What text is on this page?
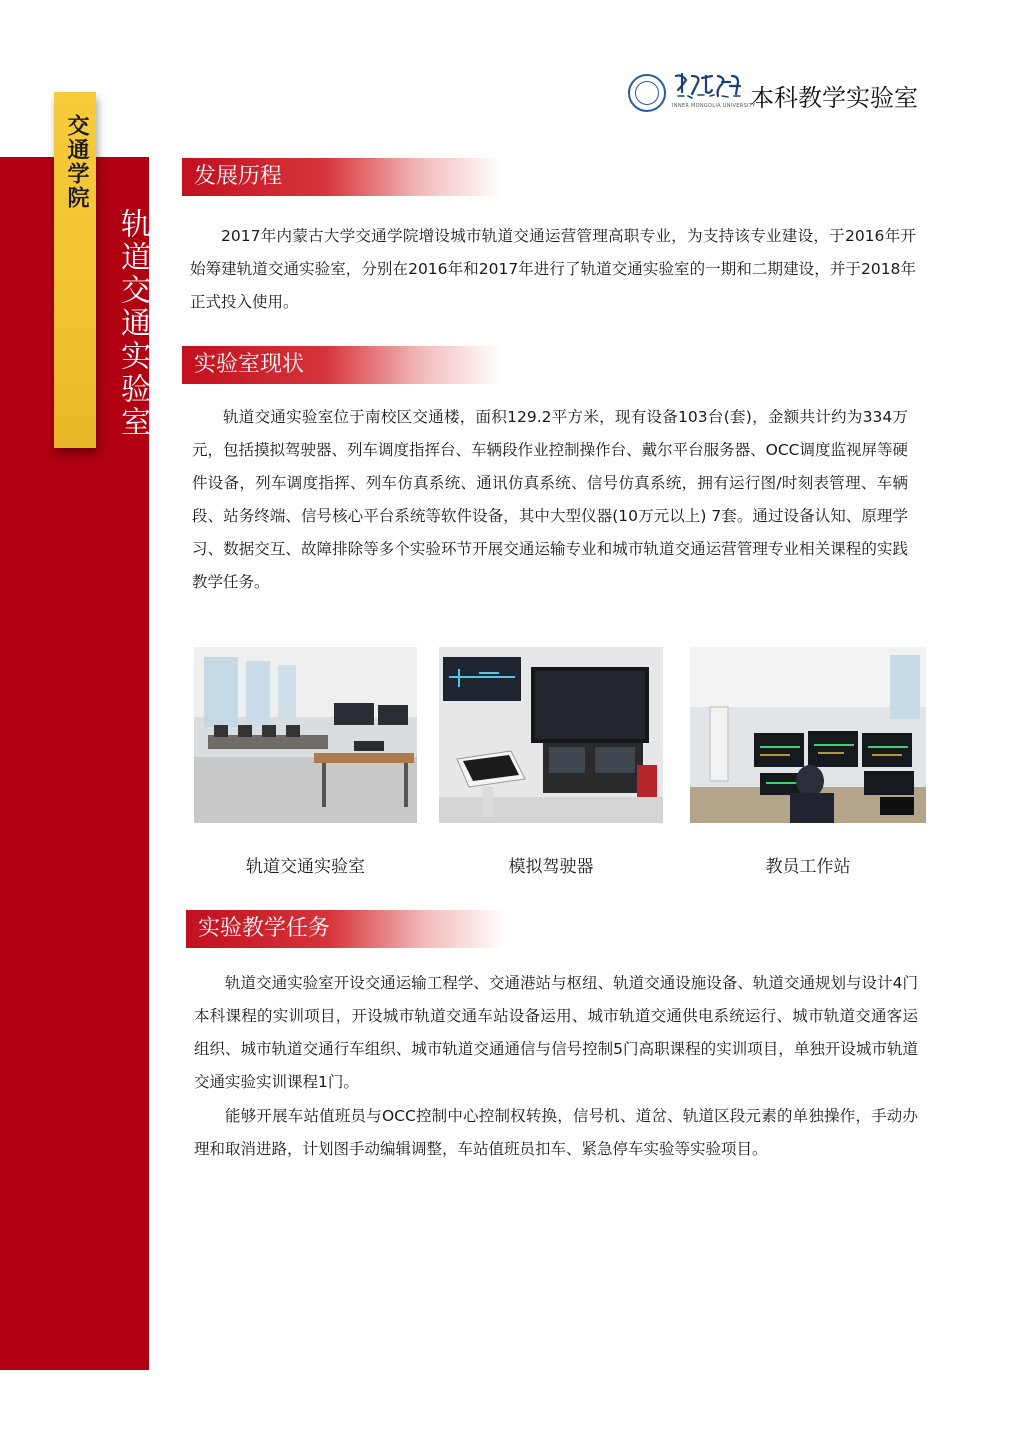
交通学院
轨道交通实验室
INNER MONGOLIA UNIVERSITY
本科教学实验室
发展历程
2017年内蒙古大学交通学院增设城市轨道交通运营管理高职专业，为支持该专业建设，于2016年开始筹建轨道交通实验室，分别在2016年和2017年进行了轨道交通实验室的一期和二期建设，并于2018年正式投入使用。
实验室现状
轨道交通实验室位于南校区交通楼，面积129.2平方米，现有设备103台(套)，金额共计约为334万元，包括摸拟驾驶器、列车调度指挥台、车辆段作业控制操作台、戴尔平台服务器、OCC调度监视屏等硬件设备，列车调度指挥、列车仿真系统、通讯仿真系统、信号仿真系统，拥有运行图/时刻表管理、车辆段、站务终端、信号核心平台系统等软件设备，其中大型仪器(10万元以上) 7套。通过设备认知、原理学习、数据交互、故障排除等多个实验环节开展交通运输专业和城市轨道交通运营管理专业相关课程的实践教学任务。
轨道交通实验室	模拟驾驶器	教员工作站
实验教学任务
轨道交通实验室开设交通运输工程学、交通港站与枢纽、轨道交通设施设备、轨道交通规划与设计4门本科课程的实训项目，开设城市轨道交通车站设备运用、城市轨道交通供电系统运行、城市轨道交通客运组织、城市轨道交通行车组织、城市轨道交通通信与信号控制5门高职课程的实训项目，单独开设城市轨道交通实验实训课程1门。
能够开展车站值班员与OCC控制中心控制权转换，信号机、道岔、轨道区段元素的单独操作，手动办理和取消进路，计划图手动编辑调整，车站值班员扣车、紧急停车实验等实验项目。
